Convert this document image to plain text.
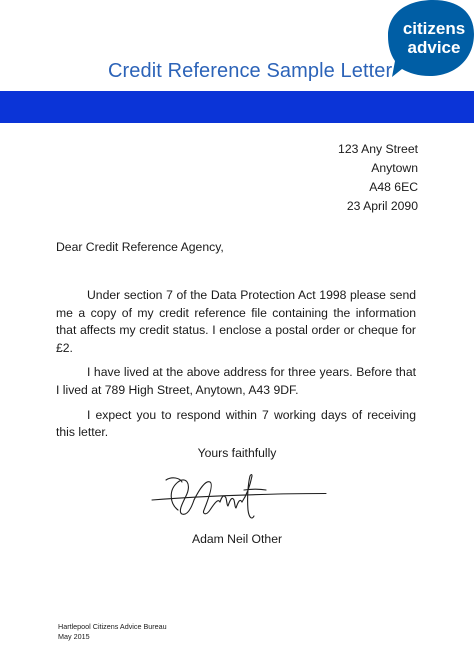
Credit Reference Sample Letter
citizens
advice
123 Any Street
Anytown
A48 6EC
23 April 2090
Dear Credit Reference Agency,

Under section 7 of the Data Protection Act 1998 please send me a copy of my credit reference file containing the information that affects my credit status. I enclose a postal order or cheque for £2.

I have lived at the above address for three years. Before that I lived at 789 High Street, Anytown, A43 9DF.

I expect you to respond within 7 working days of receiving this letter.

Yours faithfully
Adam Neil Other
Hartlepool Citizens Advice Bureau
May 2015
